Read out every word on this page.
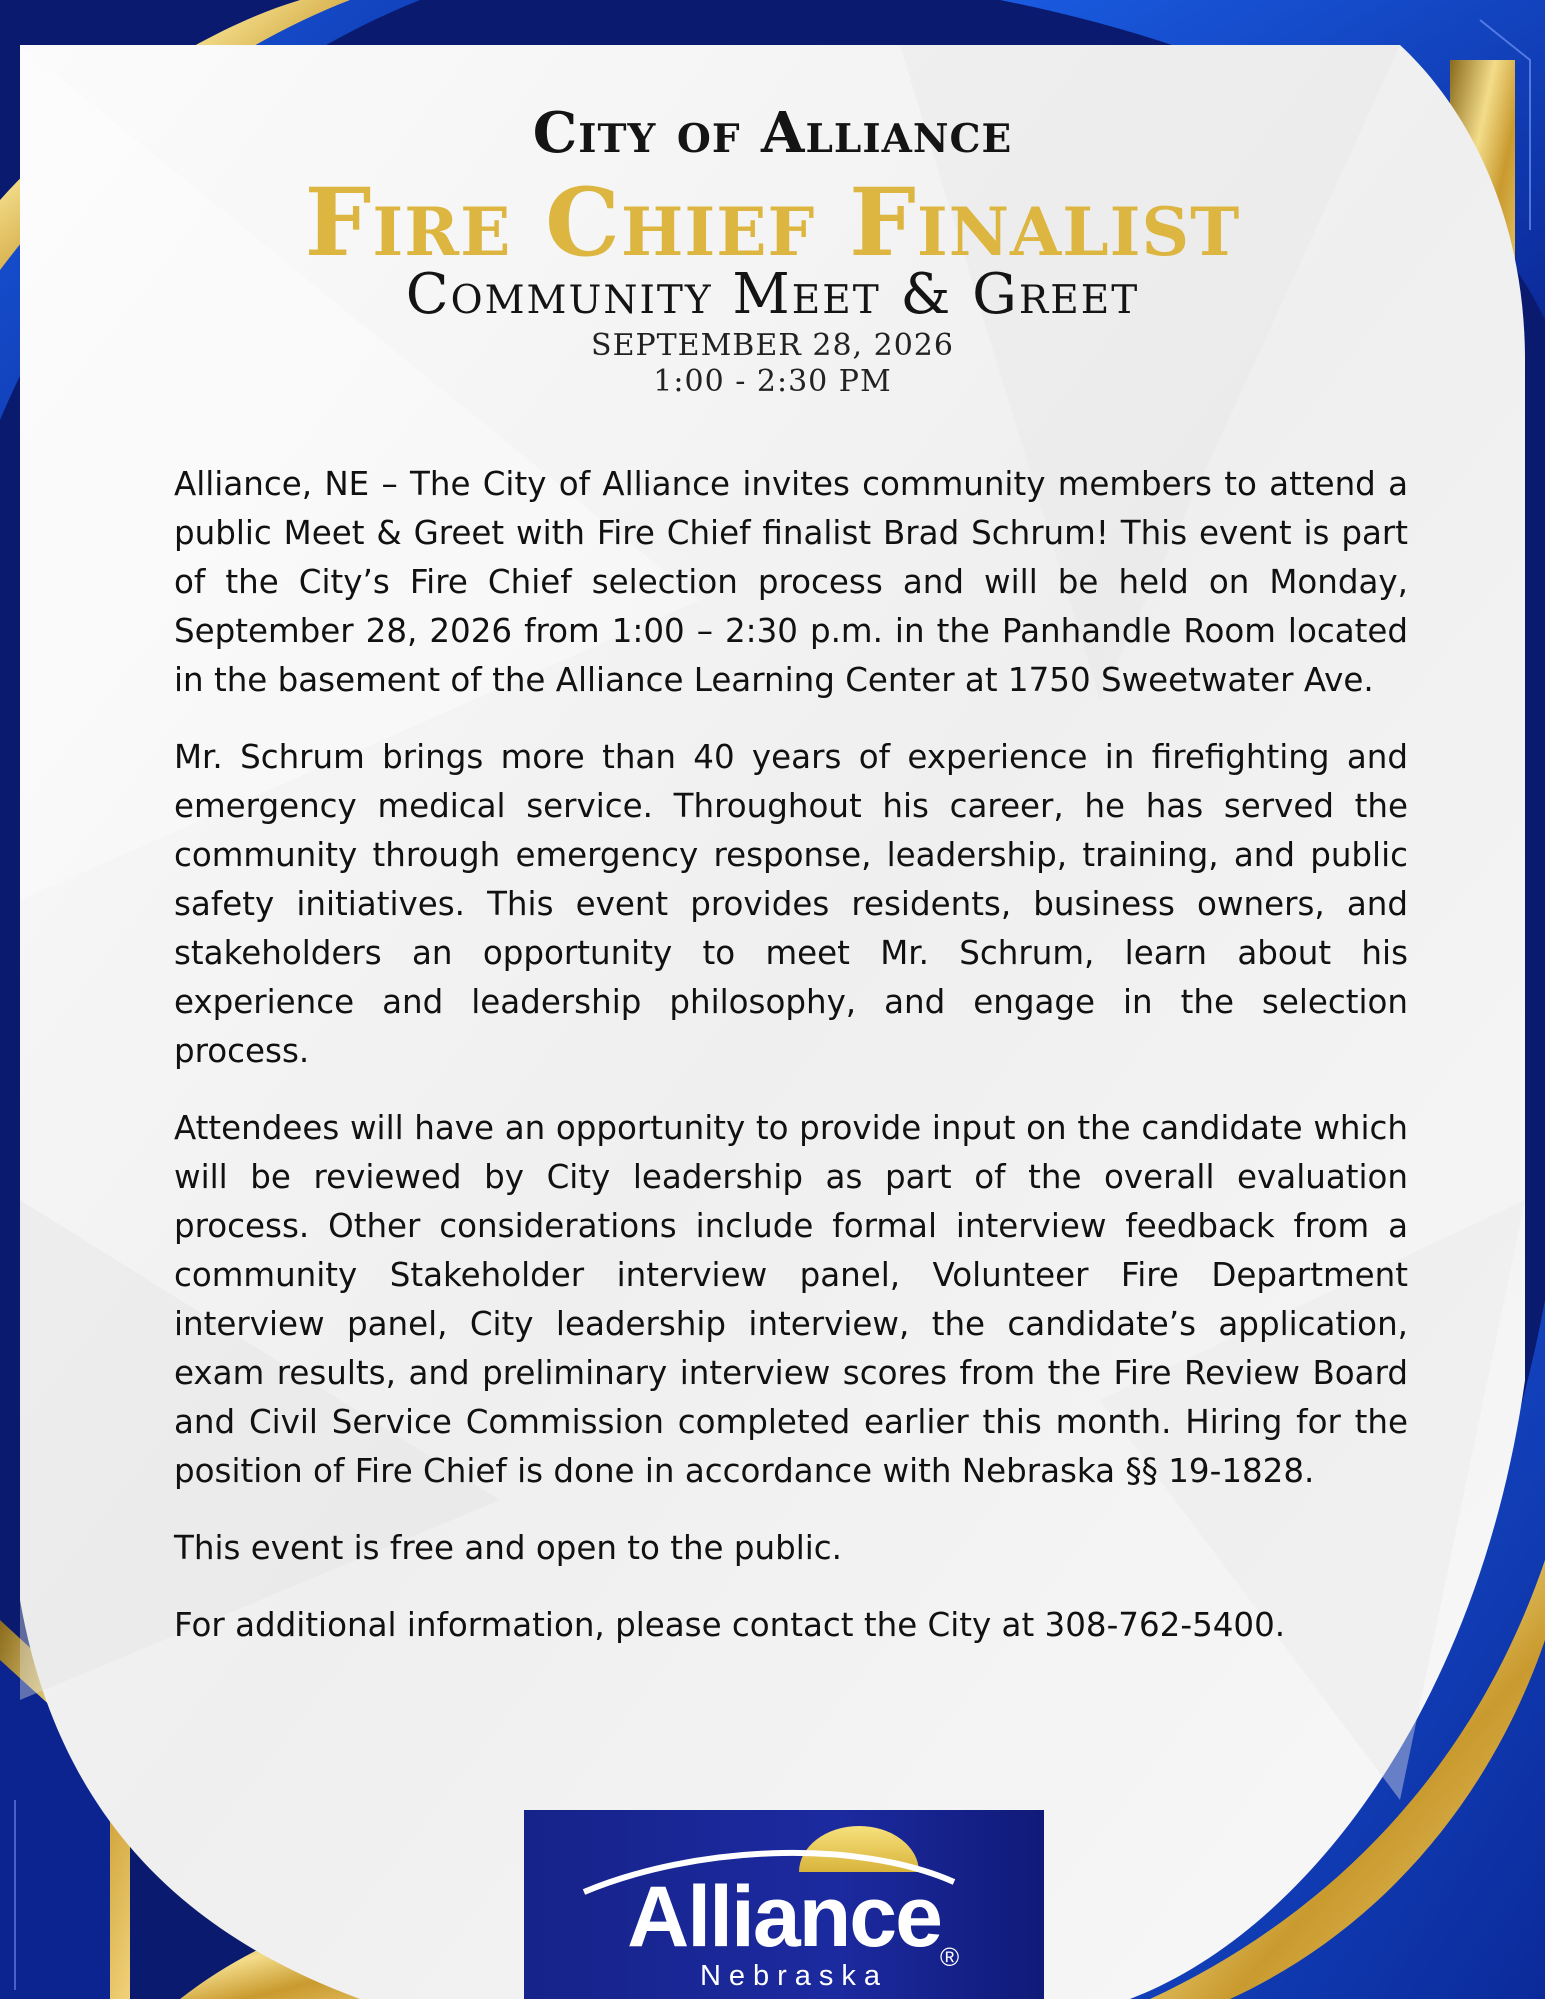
City of Alliance
Fire Chief Finalist
Community Meet & Greet
SEPTEMBER 28, 2026
1:00 - 2:30 PM

Alliance, NE – The City of Alliance invites community members to attend a public Meet & Greet with Fire Chief finalist Brad Schrum! This event is part of the City’s Fire Chief selection process and will be held on Monday, September 28, 2026 from 1:00 – 2:30 p.m. in the Panhandle Room located in the basement of the Alliance Learning Center at 1750 Sweetwater Ave.

Mr. Schrum brings more than 40 years of experience in firefighting and emergency medical service. Throughout his career, he has served the community through emergency response, leadership, training, and public safety initiatives. This event provides residents, business owners, and stakeholders an opportunity to meet Mr. Schrum, learn about his experience and leadership philosophy, and engage in the selection process.

Attendees will have an opportunity to provide input on the candidate which will be reviewed by City leadership as part of the overall evaluation process. Other considerations include formal interview feedback from a community Stakeholder interview panel, Volunteer Fire Department interview panel, City leadership interview, the candidate’s application, exam results, and preliminary interview scores from the Fire Review Board and Civil Service Commission completed earlier this month. Hiring for the position of Fire Chief is done in accordance with Nebraska §§ 19-1828.

This event is free and open to the public.

For additional information, please contact the City at 308-762-5400.

Alliance ®
Nebraska
